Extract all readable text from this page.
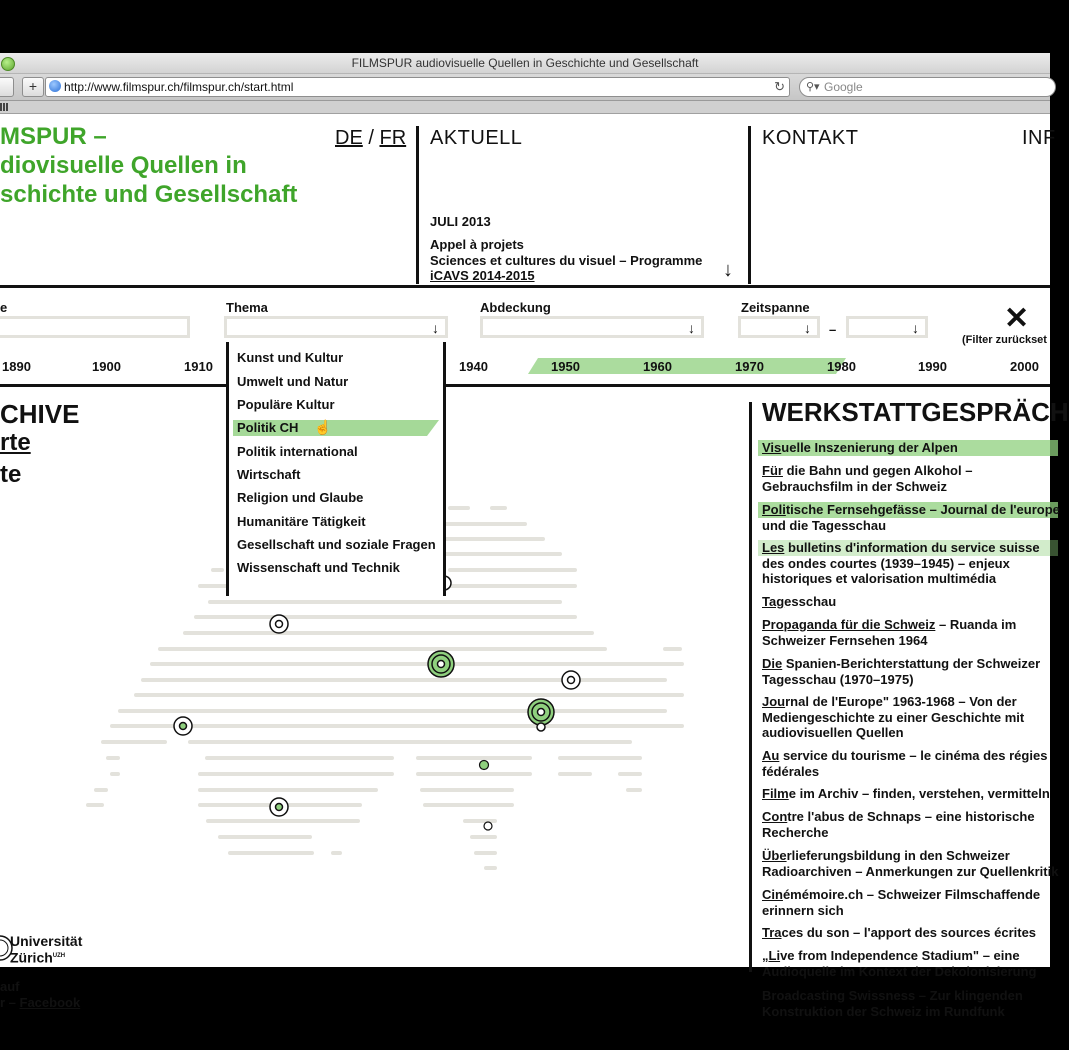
FILMSPUR audiovisuelle Quellen in Geschichte und Gesellschaft
+	http://www.filmspur.ch/filmspur.ch/start.html	↻ ⚲▾ Google
MSPUR –
diovisuelle Quellen in
schichte und Gesellschaft
DE / FR AKTUELL
JULI 2013
Appel à projets
Sciences et cultures du visuel – Programme
iCAVS 2014-2015	↓
KONTAKT	INF
e	Thema
↓
Abdeckung
↓
Zeitspanne
↓ –	↓	✕
(Filter zurückset
1890	1900	1910	1940	1950	1960	1970	1980	1990	2000
CHIVE
rte
te
Kunst und Kultur
Umwelt und Natur
Populäre Kultur
Politik CH
Politik international
Wirtschaft
Religion und Glaube
Humanitäre Tätigkeit
Gesellschaft und soziale Fragen
Wissenschaft und Technik
☝	WERKSTATTGESPRÄCH
Visuelle Inszenierung der Alpen
Für die Bahn und gegen Alkohol – Gebrauchsfilm in der Schweiz
Politische Fernsehgefässe – Journal de l'europe und die Tagesschau
Les bulletins d'information du service suisse des ondes courtes (1939–1945) – enjeux historiques et valorisation multimédia
Tagesschau
Propaganda für die Schweiz – Ruanda im Schweizer Fernsehen 1964
Die Spanien-Berichterstattung der Schweizer Tagesschau (1970–1975)
Journal de l'Europe" 1963-1968 – Von der Mediengeschichte zu einer Geschichte mit audiovisuellen Quellen
Au service du tourisme – le cinéma des régies fédérales
Filme im Archiv – finden, verstehen, vermitteln
Contre l'abus de Schnaps – eine historische Recherche
Überlieferungsbildung in den Schweizer Radioarchiven – Anmerkungen zur Quellenkritik
Cinémémoire.ch – Schweizer Filmschaffende erinnern sich
Traces du son – l'apport des sources écrites
„Live from Independence Stadium" – eine Audioquelle im Kontext der Dekolonisierung
Broadcasting Swissness – Zur klingenden Konstruktion der Schweiz im Rundfunk
Universität
Zürich$^{UZH}$
auf
r – Facebook
